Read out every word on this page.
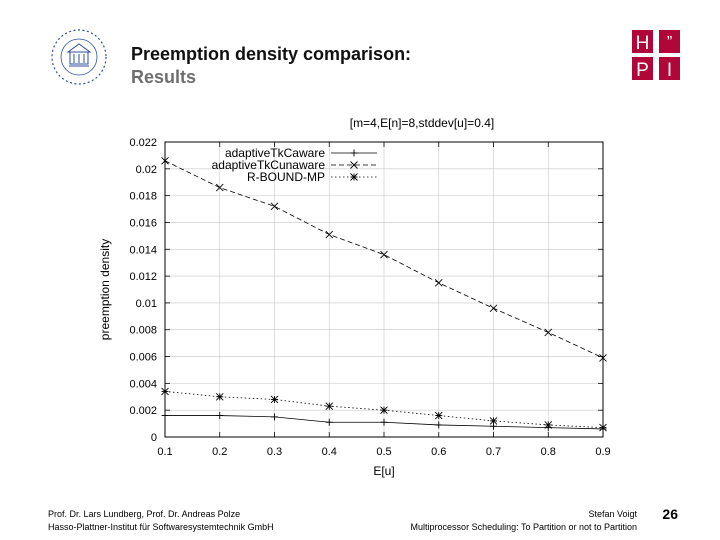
Preemption density comparison:
Results
H
P I
”
0
0.002
0.004
0.006
0.008
0.01
0.012
0.014
0.016
0.018
0.02
0.022
0.1	0.2	0.3	0.4	0.5	0.6	0.7	0.8	0.9
[m=4,E[n]=8,stddev[u]=0.4]
E[u]
preemption density
adaptiveTkCaware
adaptiveTkCunaware
R-BOUND-MP
Prof. Dr. Lars Lundberg, Prof. Dr. Andreas Polze
Hasso-Plattner-Institut für Softwaresystemtechnik GmbH
Stefan Voigt
Multiprocessor Scheduling: To Partition or not to Partition
26
